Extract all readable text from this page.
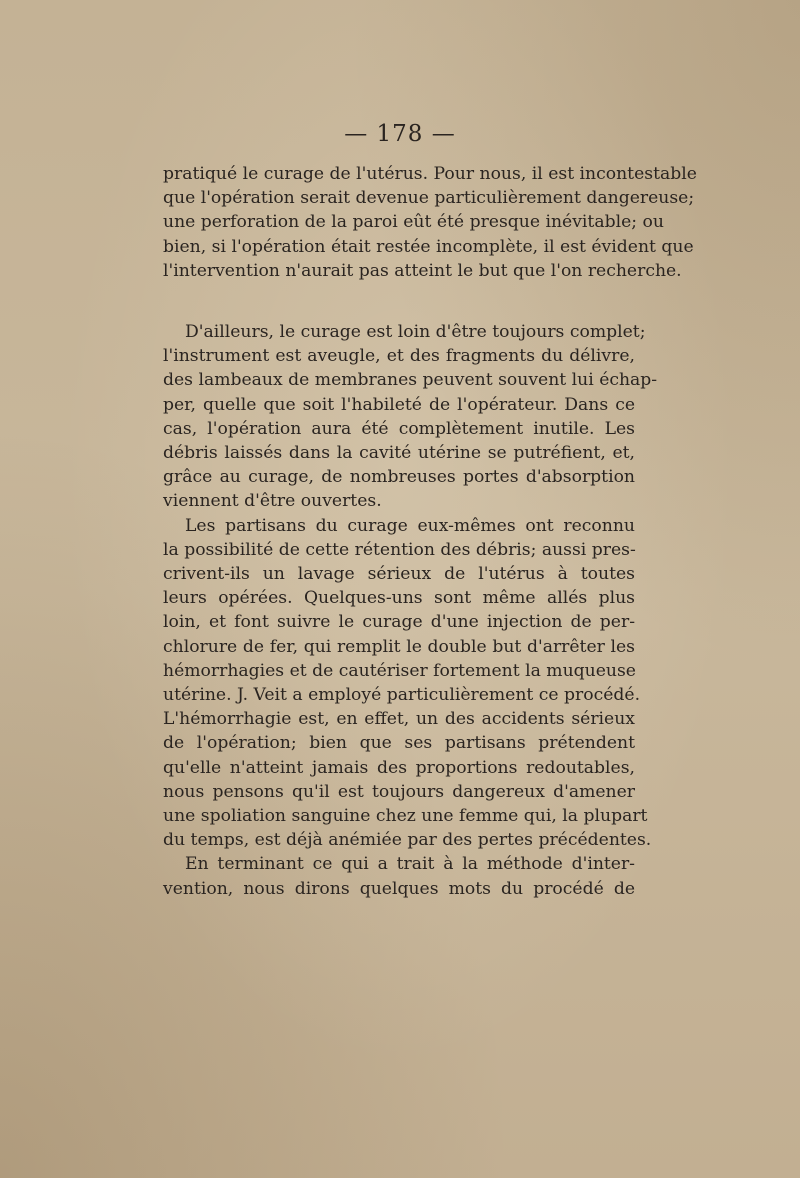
— 178 —

pratiqué le curage de l'utérus. Pour nous, il est incontestable

que l'opération serait devenue particulièrement dangereuse;

une perforation de la paroi eût été presque inévitable; ou

bien, si l'opération était restée incomplète, il est évident que

l'intervention n'aurait pas atteint le but que l'on recherche.

D'ailleurs, le curage est loin d'être toujours complet;

l'instrument est aveugle, et des fragments du délivre,

des lambeaux de membranes peuvent souvent lui échap-

per, quelle que soit l'habileté de l'opérateur. Dans ce

cas, l'opération aura été complètement inutile. Les

débris laissés dans la cavité utérine se putréfient, et,

grâce au curage, de nombreuses portes d'absorption

viennent d'être ouvertes.

Les partisans du curage eux-mêmes ont reconnu

la possibilité de cette rétention des débris; aussi pres-

crivent-ils un lavage sérieux de l'utérus à toutes

leurs opérées. Quelques-uns sont même allés plus

loin, et font suivre le curage d'une injection de per-

chlorure de fer, qui remplit le double but d'arrêter les

hémorrhagies et de cautériser fortement la muqueuse

utérine. J. Veit a employé particulièrement ce procédé.

L'hémorrhagie est, en effet, un des accidents sérieux

de l'opération; bien que ses partisans prétendent

qu'elle n'atteint jamais des proportions redoutables,

nous pensons qu'il est toujours dangereux d'amener

une spoliation sanguine chez une femme qui, la plupart

du temps, est déjà anémiée par des pertes précédentes.

En terminant ce qui a trait à la méthode d'inter-

vention, nous dirons quelques mots du procédé de
